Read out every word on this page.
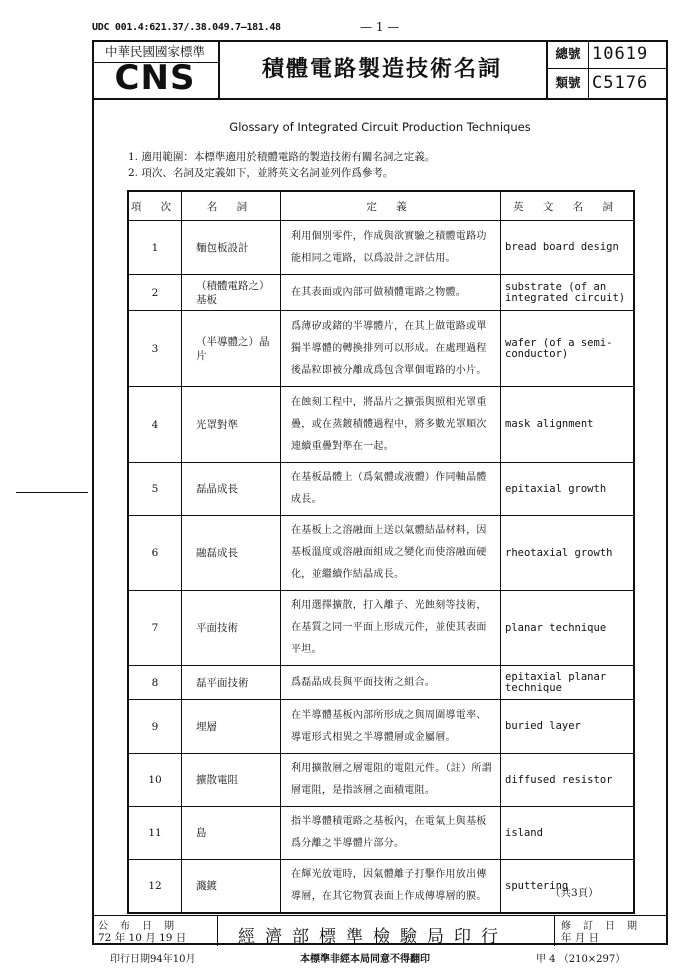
UDC 001.4:621.37/.38.049.7—181.48	— 1 —
中華民國國家標準
CNS	積體電路製造技術名詞
總號 10619
類號 C5176
Glossary of Integrated Circuit Production Techniques
1. 適用範圍：本標準適用於積體電路的製造技術有關名詞之定義。
2. 項次、名詞及定義如下，並將英文名詞並列作爲參考。
項 次	名 詞	定 義	英 文 名 詞
1	麵包板設計	利用個別零件，作成與欲實驗之積體電路功能相同之電路，以爲設計之評估用。	bread board design
2	（積體電路之）基板	在其表面或內部可做積體電路之物體。	substrate (of an integrated circuit)
3	（半導體之）晶片	爲薄矽或鍺的半導體片，在其上做電路或單獨半導體的轉換排列可以形成。在處理過程後晶粒即被分離成爲包含單個電路的小片。	wafer (of a semi-conductor)
4	光罩對準	在蝕刻工程中，將晶片之擴張與照相光罩重疊，或在蒸鍍積體過程中，將多數光罩順次連續重疊對準在一起。	mask alignment
5	磊晶成長	在基板晶體上（爲氣體或液體）作同軸晶體成長。	epitaxial growth
6	融磊成長	在基板上之溶融面上送以氣體結晶材料，因基板溫度或溶融面組成之變化而使溶融面硬化，並繼續作結晶成長。	rheotaxial growth
7	平面技術	利用選擇擴散，打入離子、光蝕刻等技術，在基質之同一平面上形成元件，並使其表面平坦。	planar technique
8	磊平面技術	爲磊晶成長與平面技術之組合。	epitaxial planar technique
9	埋層	在半導體基板內部所形成之與周圍導電率、導電形式相異之半導體層或金屬層。	buried layer
10	擴散電阻	利用擴散層之層電阻的電阻元件。（註）所謂層電阻，是指該層之面積電阻。	diffused resistor
11	島	指半導體積電路之基板內，在電氣上與基板爲分離之半導體片部分。	island
12	濺鍍	在輝光放電時，因氣體離子打擊作用放出傳導層，在其它物質表面上作成傳導層的膜。	sputtering
（共3頁）
公布日期
72 年 10 月 19 日	經濟部標準檢驗局印行
修訂日期
年 月 日
印行日期94年10月	本標準非經本局同意不得翻印	甲 4 （210×297）
